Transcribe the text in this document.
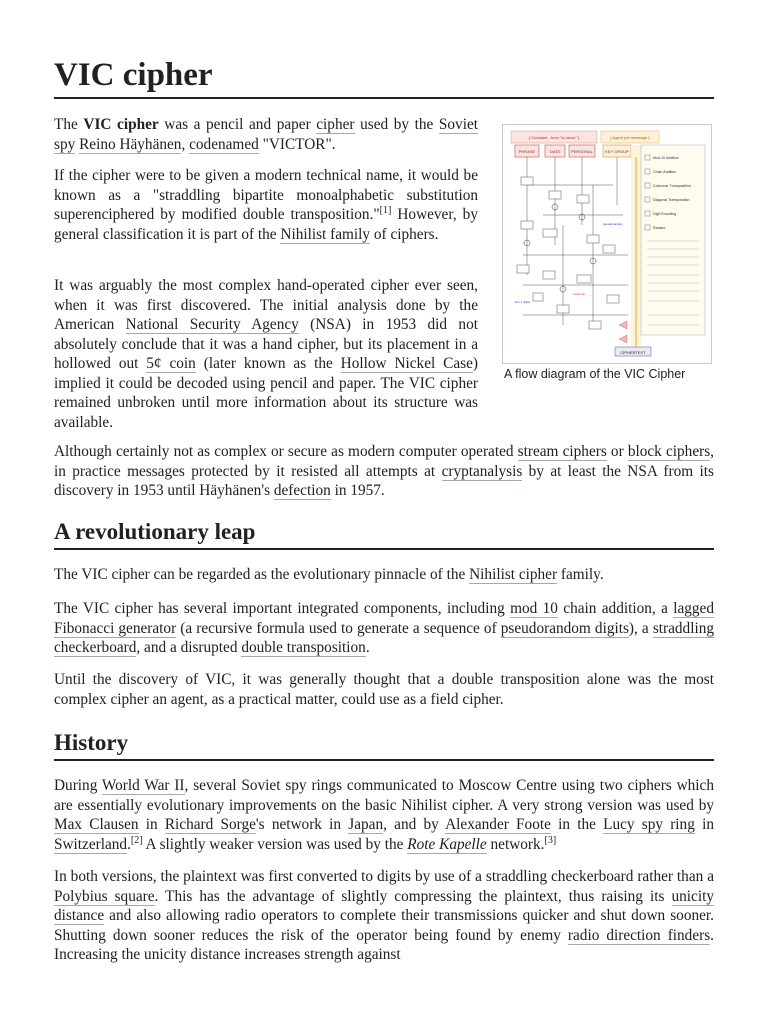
VIC cipher

The VIC cipher was a pencil and paper cipher used by the Soviet spy Reino Häyhänen, codenamed "VICTOR".

If the cipher were to be given a modern technical name, it would be known as a "straddling bipartite monoalphabetic substitution superenciphered by modified double transposition."[1] However, by general classification it is part of the Nihilist family of ciphers.

It was arguably the most complex hand-operated cipher ever seen, when it was first discovered. The initial analysis done by the American National Security Agency (NSA) in 1953 did not absolutely conclude that it was a hand cipher, but its placement in a hollowed out 5¢ coin (later known as the Hollow Nickel Case) implied it could be decoded using pencil and paper. The VIC cipher remained unbroken until more information about its structure was available.

[ Constant - from "to know" ]	[ Agent per message ]
PHRASE	DATE	PERSONAL	KEY GROUP
pseudorandom
line 1 digits
columnar
Mod-10 Addition
Chain Addition
Columnar Transposition
Diagonal Transposition
Digit Encoding
Ranked
CIPHERTEXT
A flow diagram of the VIC Cipher

Although certainly not as complex or secure as modern computer operated stream ciphers or block ciphers, in practice messages protected by it resisted all attempts at cryptanalysis by at least the NSA from its discovery in 1953 until Häyhänen's defection in 1957.

A revolutionary leap

The VIC cipher can be regarded as the evolutionary pinnacle of the Nihilist cipher family.

The VIC cipher has several important integrated components, including mod 10 chain addition, a lagged Fibonacci generator (a recursive formula used to generate a sequence of pseudorandom digits), a straddling checkerboard, and a disrupted double transposition.

Until the discovery of VIC, it was generally thought that a double transposition alone was the most complex cipher an agent, as a practical matter, could use as a field cipher.

History

During World War II, several Soviet spy rings communicated to Moscow Centre using two ciphers which are essentially evolutionary improvements on the basic Nihilist cipher. A very strong version was used by Max Clausen in Richard Sorge's network in Japan, and by Alexander Foote in the Lucy spy ring in Switzerland.[2] A slightly weaker version was used by the Rote Kapelle network.[3]

In both versions, the plaintext was first converted to digits by use of a straddling checkerboard rather than a Polybius square. This has the advantage of slightly compressing the plaintext, thus raising its unicity distance and also allowing radio operators to complete their transmissions quicker and shut down sooner. Shutting down sooner reduces the risk of the operator being found by enemy radio direction finders. Increasing the unicity distance increases strength against
